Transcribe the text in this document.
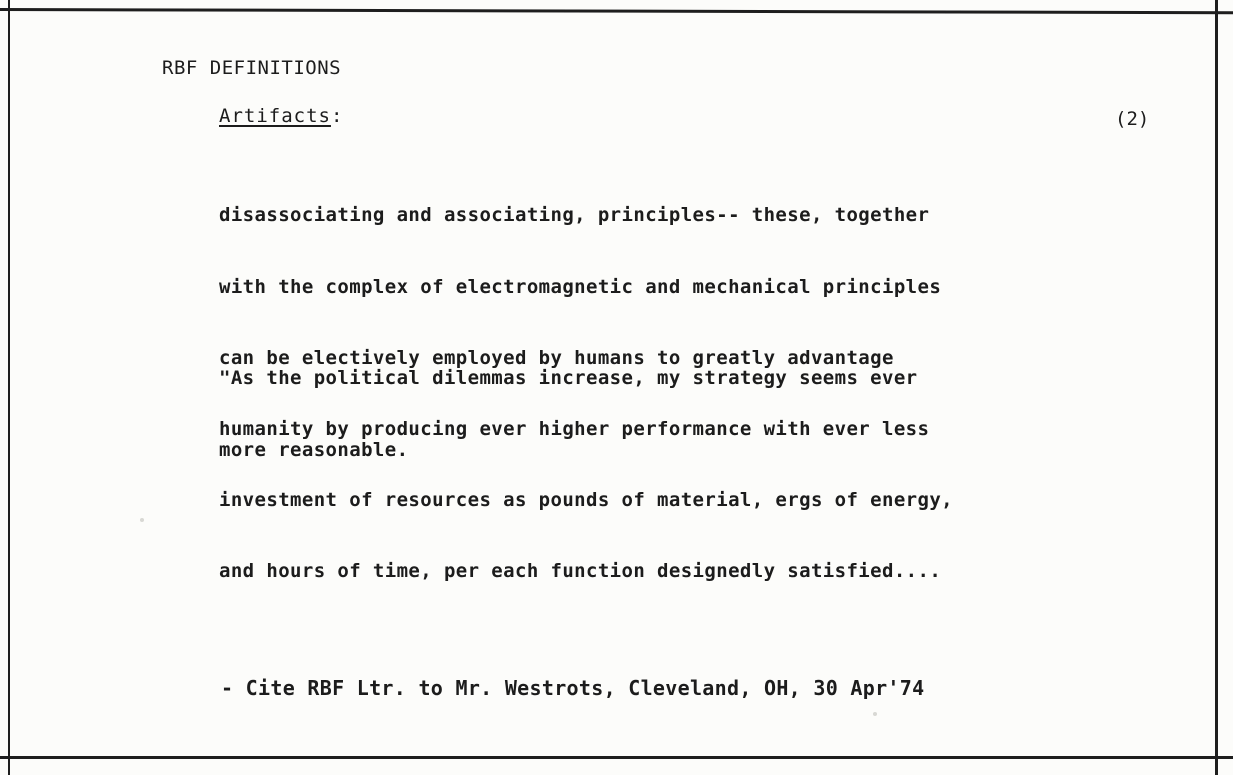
RBF DEFINITIONS
Artifacts:	(2)

disassociating and associating, principles-- these, together

with the complex of electromagnetic and mechanical principles

can be electively employed by humans to greatly advantage

humanity by producing ever higher performance with ever less

investment of resources as pounds of material, ergs of energy,

and hours of time, per each function designedly satisfied....

"As the political dilemmas increase, my strategy seems ever

more reasonable.

- Cite RBF Ltr. to Mr. Westrots, Cleveland, OH, 30 Apr'74
